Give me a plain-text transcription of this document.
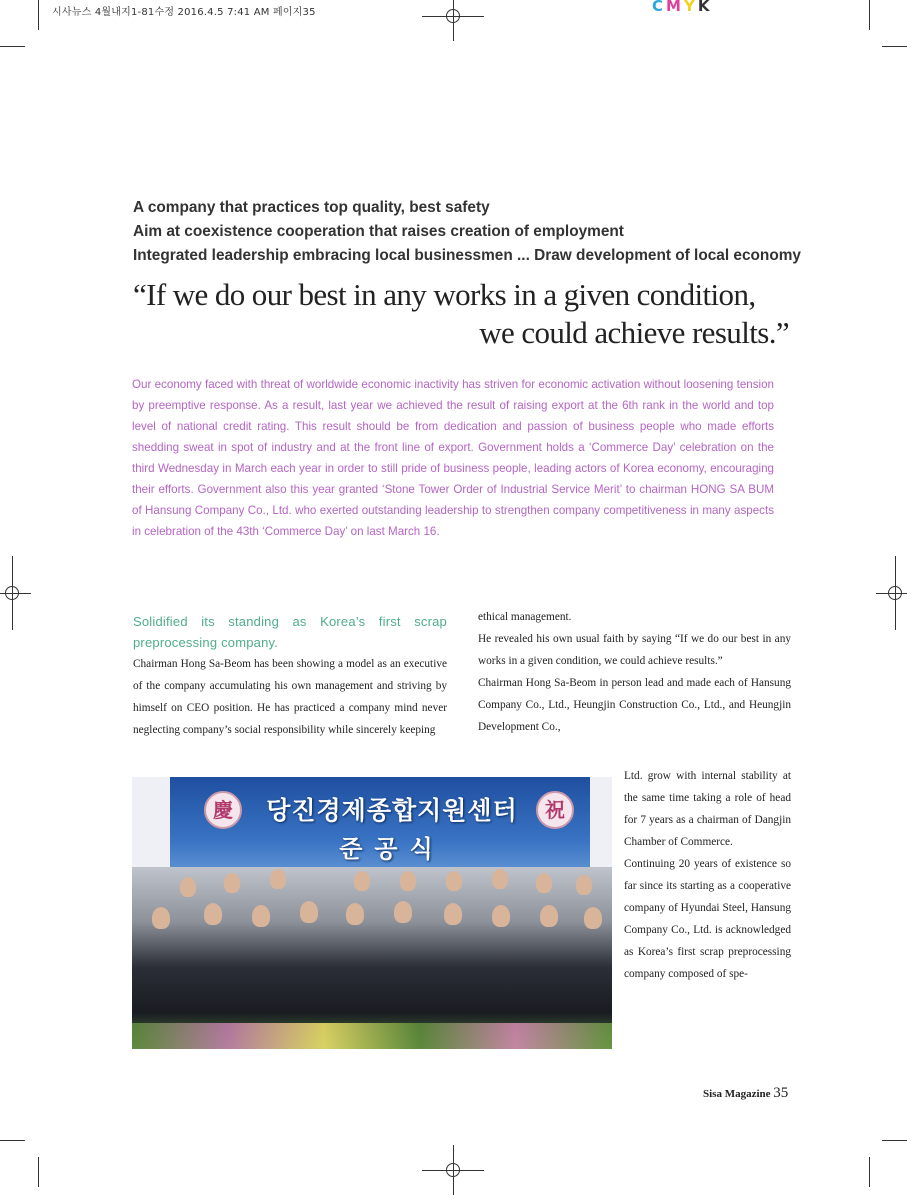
시사뉴스 4월내지1-81수정 2016.4.5 7:41 AM 페이지35	CMYK
A company that practices top quality, best safety
Aim at coexistence cooperation that raises creation of employment
Integrated leadership embracing local businessmen ... Draw development of local economy
“If we do our best in any works in a given condition,
we could achieve results.”
Our economy faced with threat of worldwide economic inactivity has striven for economic activation without loosening tension by preemptive response. As a result, last year we achieved the result of raising export at the 6th rank in the world and top level of national credit rating. This result should be from dedication and passion of business people who made efforts shedding sweat in spot of industry and at the front line of export. Government holds a ‘Commerce Day’ celebration on the third Wednesday in March each year in order to still pride of business people, leading actors of Korea economy, encouraging their efforts. Government also this year granted ‘Stone Tower Order of Industrial Service Merit’ to chairman HONG SA BUM of Hansung Company Co., Ltd. who exerted outstanding leadership to strengthen company competitiveness in many aspects in celebration of the 43th ‘Commerce Day’ on last March 16.
Solidified its standing as Korea’s first scrap preprocessing company.

Chairman Hong Sa-Beom has been showing a model as an executive of the company accumulating his own management and striving by himself on CEO position. He has practiced a company mind never neglecting company’s social responsibility while sincerely keeping

ethical management.

He revealed his own usual faith by saying “If we do our best in any works in a given condition, we could achieve results.”

Chairman Hong Sa-Beom in person lead and made each of Hansung Company Co., Ltd., Heungjin Construction Co., Ltd., and Heungjin Development Co.,

Ltd. grow with internal stability at the same time taking a role of head for 7 years as a chairman of Dangjin Chamber of Commerce.

Continuing 20 years of existence so far since its starting as a cooperative company of Hyundai Steel, Hansung Company Co., Ltd. is acknowledged as Korea’s first scrap preprocessing company composed of spe-

慶	祝
당진경제종합지원센터
준공식
Sisa Magazine 35
